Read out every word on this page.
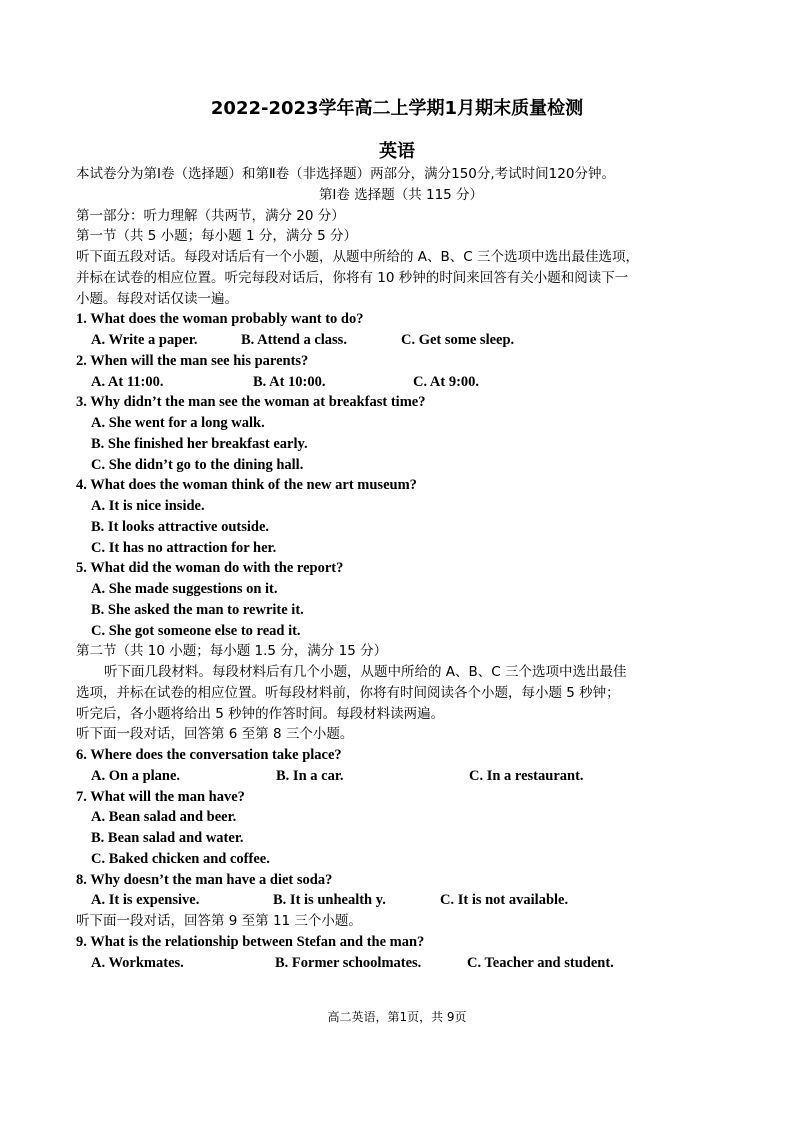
2022-2023学年高二上学期1月期末质量检测
英语
本试卷分为第Ⅰ卷（选择题）和第Ⅱ卷（非选择题）两部分，满分150分,考试时间120分钟。
第Ⅰ卷 选择题（共 115 分）
第一部分：听力理解（共两节，满分 20 分）
第一节（共 5 小题；每小题 1 分，满分 5 分）
听下面五段对话。每段对话后有一个小题，从题中所给的 A、B、C 三个选项中选出最佳选项，
并标在试卷的相应位置。听完每段对话后，你将有 10 秒钟的时间来回答有关小题和阅读下一
小题。每段对话仅读一遍。
1. What does the woman probably want to do?
A. Write a paper.	B. Attend a class.	C. Get some sleep.
2. When will the man see his parents?
A. At 11:00.	B. At 10:00.	C. At 9:00.
3. Why didn’t the man see the woman at breakfast time?
A. She went for a long walk.
B. She finished her breakfast early.
C. She didn’t go to the dining hall.
4. What does the woman think of the new art museum?
A. It is nice inside.
B. It looks attractive outside.
C. It has no attraction for her.
5. What did the woman do with the report?
A. She made suggestions on it.
B. She asked the man to rewrite it.
C. She got someone else to read it.
第二节（共 10 小题；每小题 1.5 分，满分 15 分）
听下面几段材料。每段材料后有几个小题，从题中所给的 A、B、C 三个选项中选出最佳
选项，并标在试卷的相应位置。听每段材料前，你将有时间阅读各个小题，每小题 5 秒钟；
听完后，各小题将给出 5 秒钟的作答时间。每段材料读两遍。
听下面一段对话，回答第 6 至第 8 三个小题。
6. Where does the conversation take place?
A. On a plane.	B. In a car.	C. In a restaurant.
7. What will the man have?
A. Bean salad and beer.
B. Bean salad and water.
C. Baked chicken and coffee.
8. Why doesn’t the man have a diet soda?
A. It is expensive.	B. It is unhealth y.	C. It is not available.
听下面一段对话，回答第 9 至第 11 三个小题。
9. What is the relationship between Stefan and the man?
A. Workmates.	B. Former schoolmates.	C. Teacher and student.
高二英语，第1页，共 9页
